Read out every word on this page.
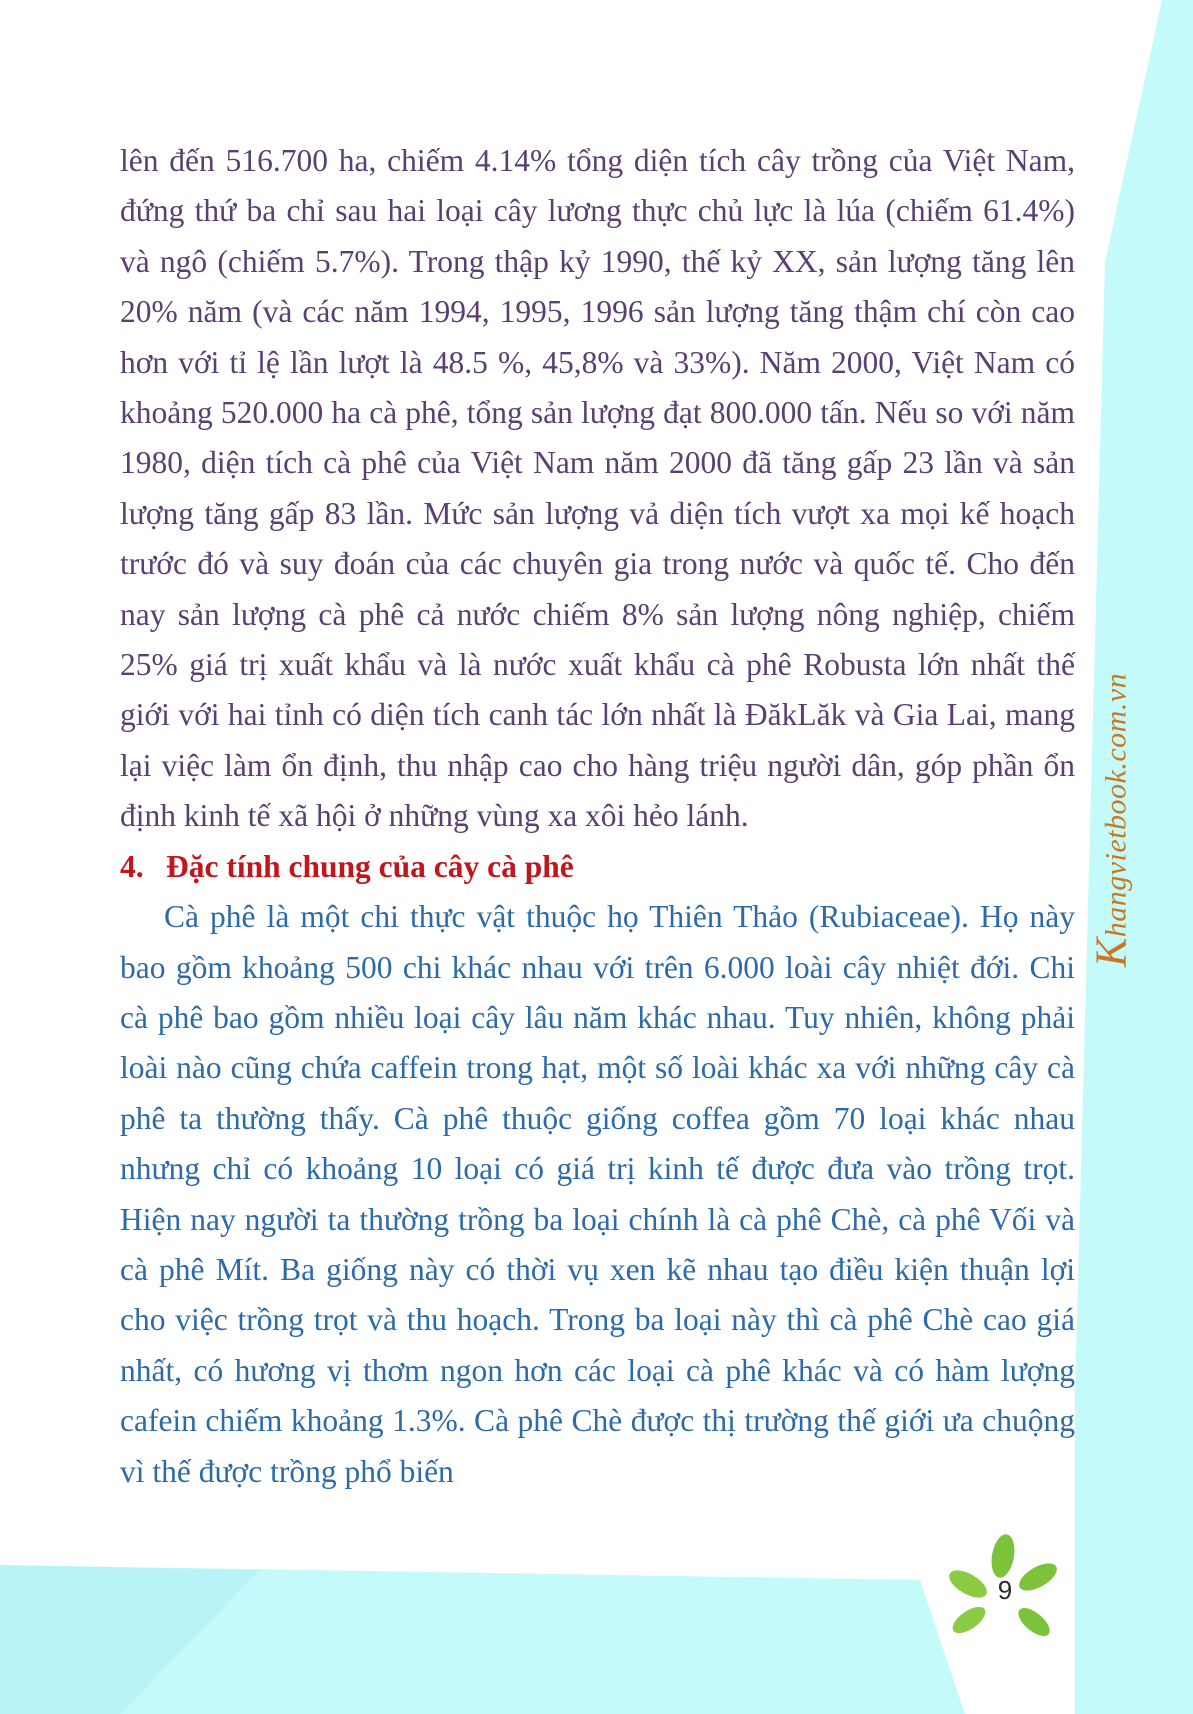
lên đến 516.700 ha, chiếm 4.14% tổng diện tích cây trồng của Việt Nam, đứng thứ ba chỉ sau hai loại cây lương thực chủ lực là lúa (chiếm 61.4%) và ngô (chiếm 5.7%). Trong thập kỷ 1990, thế kỷ XX, sản lượng tăng lên 20% năm (và các năm 1994, 1995, 1996 sản lượng tăng thậm chí còn cao hơn với tỉ lệ lần lượt là 48.5 %, 45,8% và 33%). Năm 2000, Việt Nam có khoảng 520.000 ha cà phê, tổng sản lượng đạt 800.000 tấn. Nếu so với năm 1980, diện tích cà phê của Việt Nam năm 2000 đã tăng gấp 23 lần và sản lượng tăng gấp 83 lần. Mức sản lượng vả diện tích vượt xa mọi kế hoạch trước đó và suy đoán của các chuyên gia trong nước và quốc tế. Cho đến nay sản lượng cà phê cả nước chiếm 8% sản lượng nông nghiệp, chiếm 25% giá trị xuất khẩu và là nước xuất khẩu cà phê Robusta lớn nhất thế giới với hai tỉnh có diện tích canh tác lớn nhất là ĐăkLăk và Gia Lai, mang lại việc làm ổn định, thu nhập cao cho hàng triệu người dân, góp phần ổn định kinh tế xã hội ở những vùng xa xôi hẻo lánh.

4. Đặc tính chung của cây cà phê

Cà phê là một chi thực vật thuộc họ Thiên Thảo (Rubiaceae). Họ này bao gồm khoảng 500 chi khác nhau với trên 6.000 loài cây nhiệt đới. Chi cà phê bao gồm nhiều loại cây lâu năm khác nhau. Tuy nhiên, không phải loài nào cũng chứa caffein trong hạt, một số loài khác xa với những cây cà phê ta thường thấy. Cà phê thuộc giống coffea gồm 70 loại khác nhau nhưng chỉ có khoảng 10 loại có giá trị kinh tế được đưa vào trồng trọt. Hiện nay người ta thường trồng ba loại chính là cà phê Chè, cà phê Vối và cà phê Mít. Ba giống này có thời vụ xen kẽ nhau tạo điều kiện thuận lợi cho việc trồng trọt và thu hoạch. Trong ba loại này thì cà phê Chè cao giá nhất, có hương vị thơm ngon hơn các loại cà phê khác và có hàm lượng cafein chiếm khoảng 1.3%. Cà phê Chè được thị trường thế giới ưa chuộng vì thế được trồng phổ biến

Khangvietbook.com.vn
9
